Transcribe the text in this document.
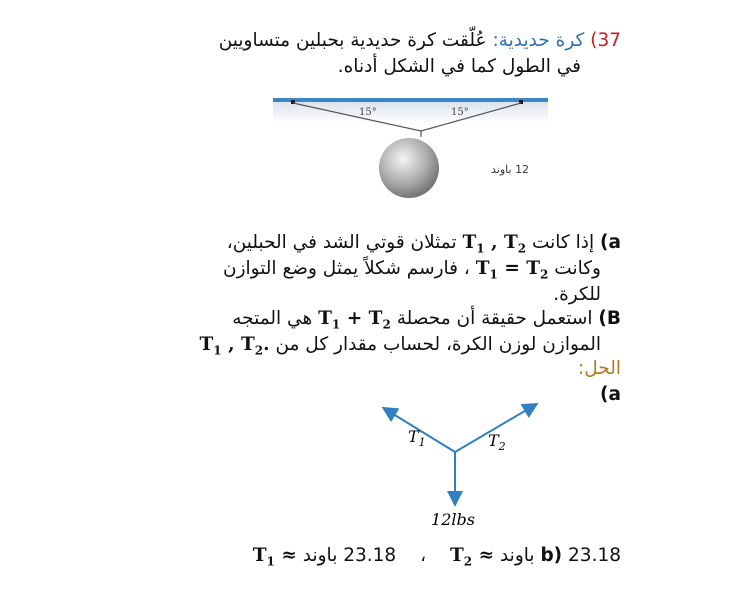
37) كرة حديدية: عُلّقت كرة حديدية بحبلين متساويين
في الطول كما في الشكل أدناه.
15°	15°
12 باوند
a) إذا كانت $T_1$ , $T_2$ تمثلان قوتي الشد في الحبلين،
وكانت $T_1 = T_2$ ، فارسم شكلاً يمثل وضع التوازن
للكرة.
B) استعمل حقيقة أن محصلة $T_1 + T_2$ هي المتجه
الموازن لوزن الكرة، لحساب مقدار كل من $T_1$ , $T_2$.
الحل:
a)
$T_1$	$T_2$
12lbs
b) 23.18 باوند $T_2$ ≈ ، 23.18 باوند $T_1$ ≈
